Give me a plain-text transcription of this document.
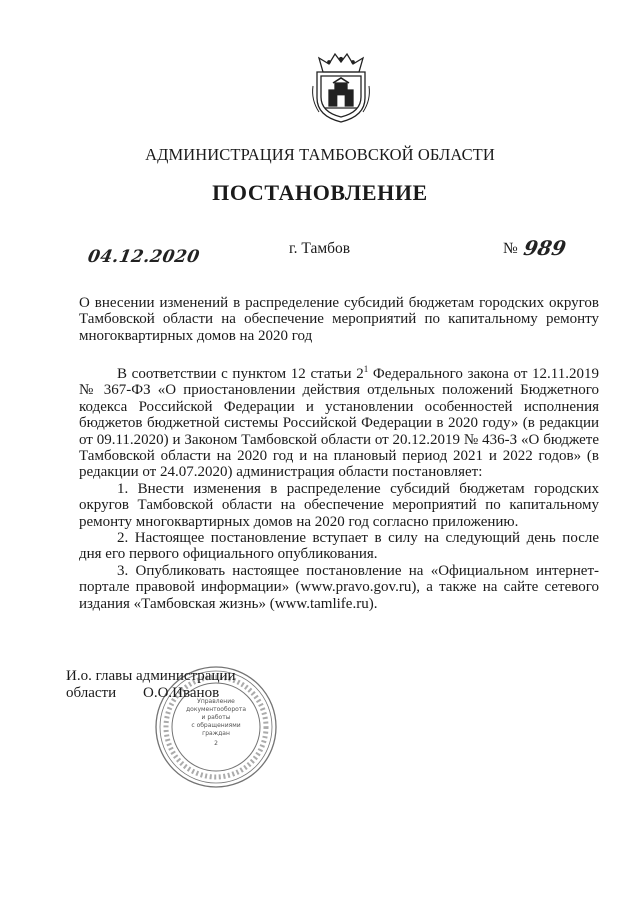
АДМИНИСТРАЦИЯ ТАМБОВСКОЙ ОБЛАСТИ
ПОСТАНОВЛЕНИЕ
04.12.2020	г. Тамбов	№ 989
О внесении изменений в распределение субсидий бюджетам городских округов Тамбовской области на обеспечение мероприятий по капитальному ремонту многоквартирных домов на 2020 год

В соответствии с пунктом 12 статьи $2^1$ Федерального закона от 12.11.2019 № 367-ФЗ «О приостановлении действия отдельных положений Бюджетного кодекса Российской Федерации и установлении особенностей исполнения бюджетов бюджетной системы Российской Федерации в 2020 году» (в редакции от 09.11.2020) и Законом Тамбовской области от 20.12.2019 № 436-З «О бюджете Тамбовской области на 2020 год и на плановый период 2021 и 2022 годов» (в редакции от 24.07.2020) администрация области постановляет:

1. Внести изменения в распределение субсидий бюджетам городских округов Тамбовской области на обеспечение мероприятий по капитальному ремонту многоквартирных домов на 2020 год согласно приложению.

2. Настоящее постановление вступает в силу на следующий день после дня его первого официального опубликования.

3. Опубликовать настоящее постановление на «Официальном интернет-портале правовой информации» (www.pravo.gov.ru), а также на сайте сетевого издания «Тамбовская жизнь» (www.tamlife.ru).

Управление
документооборота
и работы
с обращениями
граждан
2
И.о. главы администрации
области О.О.Иванов
